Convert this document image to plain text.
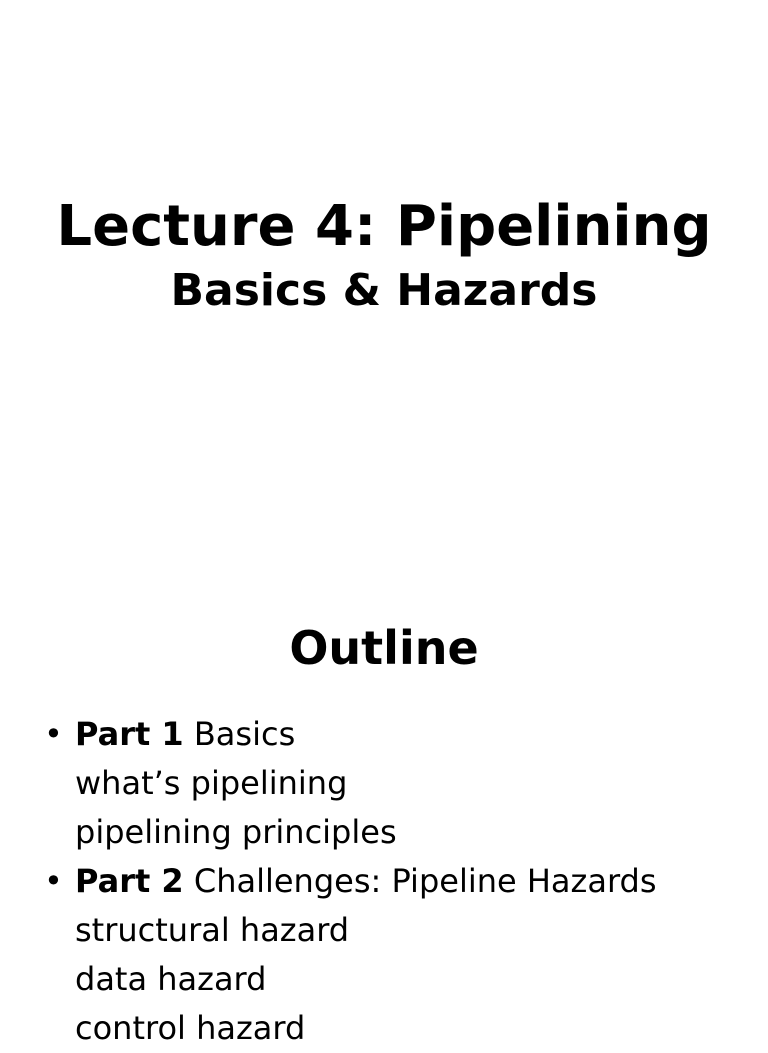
Lecture 4: Pipelining
Basics & Hazards
Outline
• Part 1 Basics
what’s pipelining
pipelining principles
• Part 2 Challenges: Pipeline Hazards
structural hazard
data hazard
control hazard
